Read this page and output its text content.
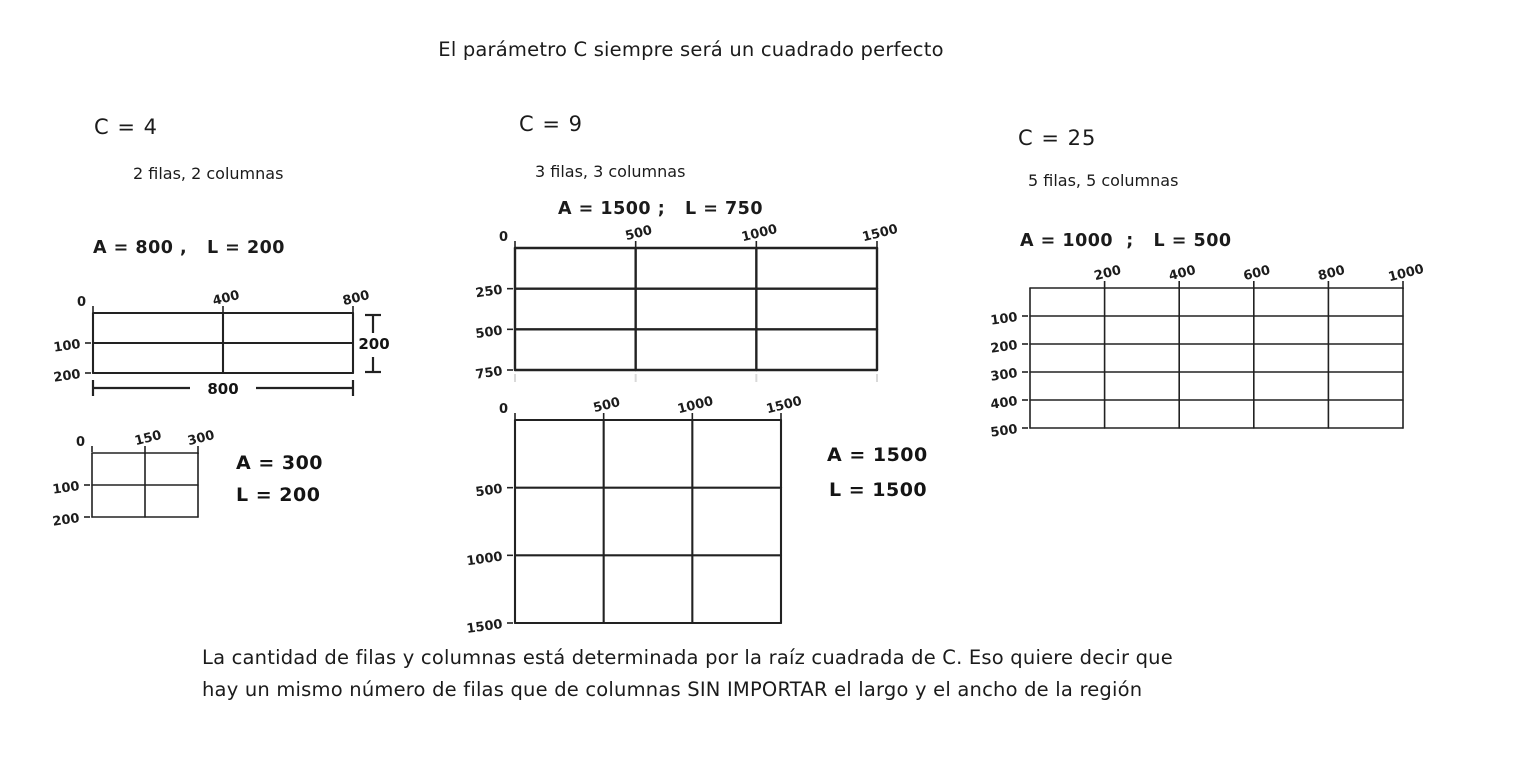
El parámetro C siempre será un cuadrado perfecto
C = 4
2 filas, 2 columnas
A = 800 ,   L = 200
C = 9
3 filas, 3 columnas
A = 1500 ;   L = 750
C = 25
5 filas, 5 columnas
A = 1000  ;   L = 500
0	400	800
100
200
200
800
0	150 300
100
200
A = 300
L = 200
0	500	1000	1500
250
500
750
0	500	1000	1500
500
1000
1500
A = 1500
L = 1500
200	400	600	800	1000
100
200
300
400
500
La cantidad de filas y columnas está determinada por la raíz cuadrada de C. Eso quiere decir que
hay un mismo número de filas que de columnas SIN IMPORTAR el largo y el ancho de la región
